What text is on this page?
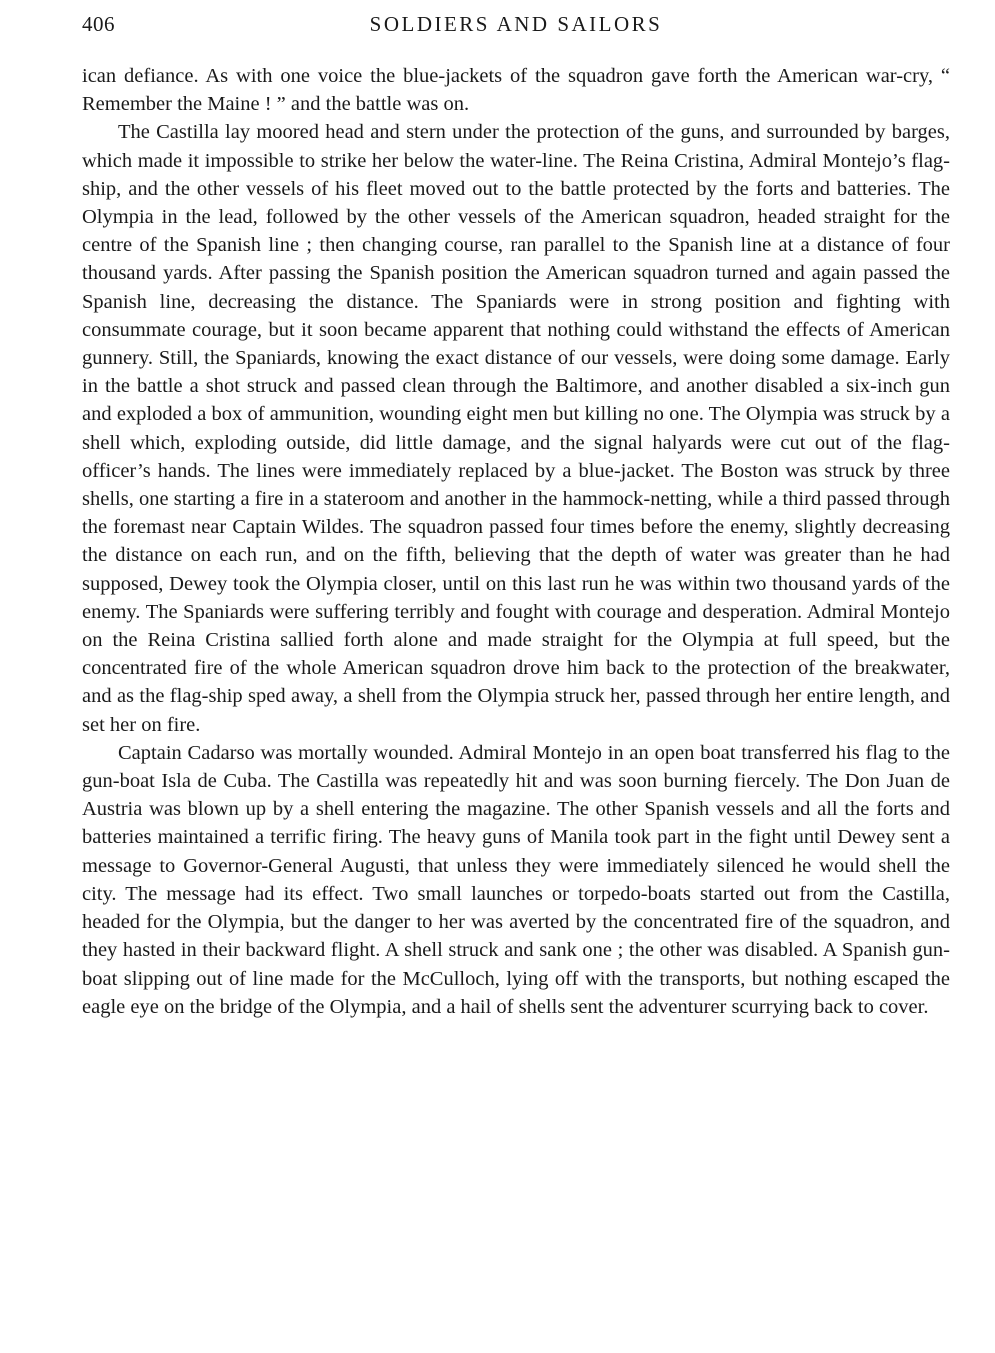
406	SOLDIERS AND SAILORS

ican defiance. As with one voice the blue-jackets of the squadron gave forth the American war-cry, “ Remember the Maine ! ” and the battle was on.

The Castilla lay moored head and stern under the protection of the guns, and surrounded by barges, which made it impossible to strike her below the water-line. The Reina Cristina, Admiral Montejo’s flag-ship, and the other vessels of his fleet moved out to the battle protected by the forts and batteries. The Olympia in the lead, followed by the other vessels of the American squadron, headed straight for the centre of the Spanish line ; then changing course, ran parallel to the Spanish line at a distance of four thousand yards. After passing the Spanish position the American squadron turned and again passed the Spanish line, decreasing the distance. The Spaniards were in strong position and fighting with consummate courage, but it soon became apparent that nothing could withstand the effects of American gunnery. Still, the Spaniards, knowing the exact distance of our vessels, were doing some damage. Early in the battle a shot struck and passed clean through the Baltimore, and another disabled a six-inch gun and exploded a box of ammunition, wounding eight men but killing no one. The Olympia was struck by a shell which, exploding outside, did little damage, and the signal halyards were cut out of the flag-officer’s hands. The lines were immediately replaced by a blue-jacket. The Boston was struck by three shells, one starting a fire in a stateroom and another in the hammock-netting, while a third passed through the foremast near Captain Wildes. The squadron passed four times before the enemy, slightly decreasing the distance on each run, and on the fifth, believing that the depth of water was greater than he had supposed, Dewey took the Olympia closer, until on this last run he was within two thousand yards of the enemy. The Spaniards were suffering terribly and fought with courage and desperation. Admiral Montejo on the Reina Cristina sallied forth alone and made straight for the Olympia at full speed, but the concentrated fire of the whole American squadron drove him back to the protection of the breakwater, and as the flag-ship sped away, a shell from the Olympia struck her, passed through her entire length, and set her on fire.

Captain Cadarso was mortally wounded. Admiral Montejo in an open boat transferred his flag to the gun-boat Isla de Cuba. The Castilla was repeatedly hit and was soon burning fiercely. The Don Juan de Austria was blown up by a shell entering the magazine. The other Spanish vessels and all the forts and batteries maintained a terrific firing. The heavy guns of Manila took part in the fight until Dewey sent a message to Governor-General Augusti, that unless they were immediately silenced he would shell the city. The message had its effect. Two small launches or torpedo-boats started out from the Castilla, headed for the Olympia, but the danger to her was averted by the concentrated fire of the squadron, and they hasted in their backward flight. A shell struck and sank one ; the other was disabled. A Spanish gun-boat slipping out of line made for the McCulloch, lying off with the transports, but nothing escaped the eagle eye on the bridge of the Olympia, and a hail of shells sent the adventurer scurrying back to cover.
